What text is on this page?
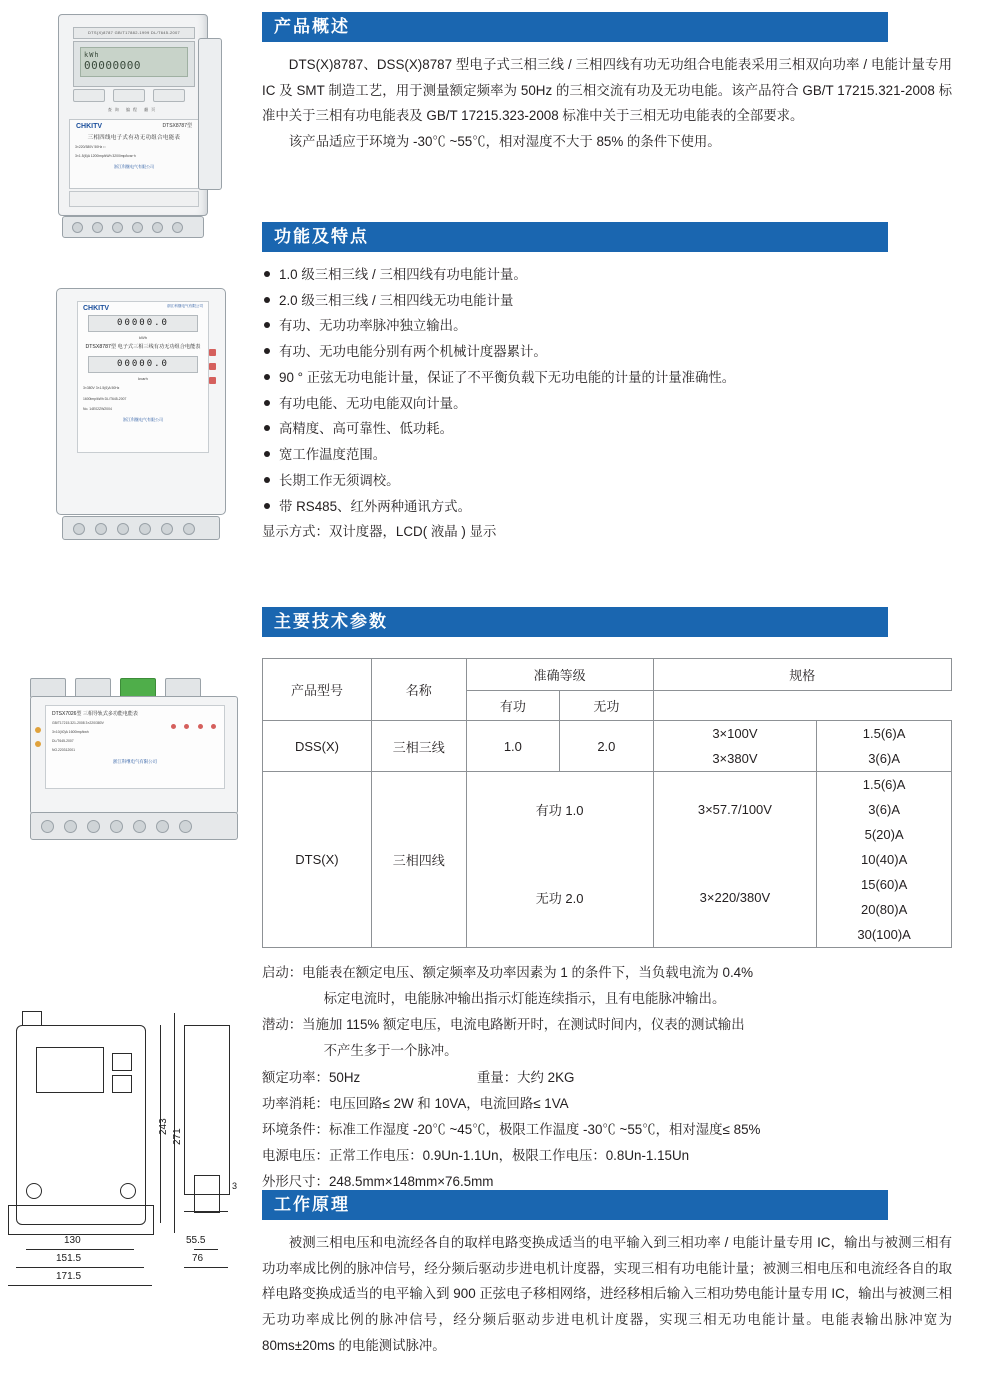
DTS(X)8787 GB/T17882-1999 DL/T645-2007
kWh
00000000
查询 编程 翻页
CHKITV	DTSX8787型
三相四线电子式有功无功组合电能表
3×220/380V 50Hz □
3×1.5(6)A 1200imp/kWh 3200imp/kvar·h
浙江科继电气有限公司
CHKITV	浙江科继电气有限公司
00000.0
kWh
DTSX8787型 电子式三相三线有功无功组合电能表
00000.0
kvarh
3×380V 3×1.5(6)A 50Hz
1600imp/kWh DL/T645-2007
No. 14E02ZW2004
浙江科继电气有限公司

DTSX7026型 三相导轨式多功能电能表
GB/T17215.321-2008 3×220/380V
3×10(40)A 1600imp/kwh
DL/T645-2007
NO.220312001
浙江科继电气有限公司
243
271
130
151.5
171.5
55.5
76
3
产品概述
DTS(X)8787、DSS(X)8787 型电子式三相三线 / 三相四线有功无功组合电能表采用三相双向功率 / 电能计量专用 IC 及 SMT 制造工艺，用于测量额定频率为 50Hz 的三相交流有功及无功电能。该产品符合 GB/T 17215.321-2008 标准中关于三相有功电能表及 GB/T 17215.323-2008 标准中关于三相无功电能表的全部要求。
该产品适应于环境为 -30℃ ~55℃，相对湿度不大于 85% 的条件下使用。
功能及特点
1.0 级三相三线 / 三相四线有功电能计量。
2.0 级三相三线 / 三相四线无功电能计量
有功、无功功率脉冲独立输出。
有功、无功电能分别有两个机械计度器累计。
90 ° 正弦无功电能计量，保证了不平衡负载下无功电能的计量的计量准确性。
有功电能、无功电能双向计量。
高精度、高可靠性、低功耗。
宽工作温度范围。
长期工作无须调校。
带 RS485、红外两种通讯方式。
显示方式：双计度器，LCD( 液晶 ) 显示
主要技术参数
产品型号	名称	准确等级		规格	
		有功	无功		
DSS(X)	三相三线	1.0	2.0	3×100V	1.5(6)A
				3×380V	3(6)A
DTS(X)	三相四线	有功 1.0		3×57.7/100V	1.5(6)A
					3(6)A
					5(20)A
		无功 2.0		3×220/380V	10(40)A
					15(60)A
					20(80)A
					30(100)A
启动：电能表在额定电压、额定频率及功率因素为 1 的条件下，当负载电流为 0.4%
标定电流时，电能脉冲输出指示灯能连续指示，且有电能脉冲输出。
潜动：当施加 115% 额定电压，电流电路断开时，在测试时间内，仪表的测试输出
不产生多于一个脉冲。
额定功率：50Hz	重量：大约 2KG
功率消耗：电压回路≤ 2W 和 10VA，电流回路≤ 1VA
环境条件：标准工作湿度 -20℃ ~45℃，极限工作温度 -30℃ ~55℃，相对湿度≤ 85%
电源电压：正常工作电压：0.9Un-1.1Un，极限工作电压：0.8Un-1.15Un
外形尺寸：248.5mm×148mm×76.5mm
工作原理
被测三相电压和电流经各自的取样电路变换成适当的电平输入到三相功率 / 电能计量专用 IC，输出与被测三相有功功率成比例的脉冲信号，经分频后驱动步进电机计度器，实现三相有功电能计量；被测三相电压和电流经各自的取样电路变换成适当的电平输入到 900 正弦电子移相网络，进经移相后输入三相功势电能计量专用 IC，输出与被测三相无功功率成比例的脉冲信号，经分频后驱动步进电机计度器，实现三相无功电能计量。电能表输出脉冲宽为 80ms±20ms 的电能测试脉冲。
